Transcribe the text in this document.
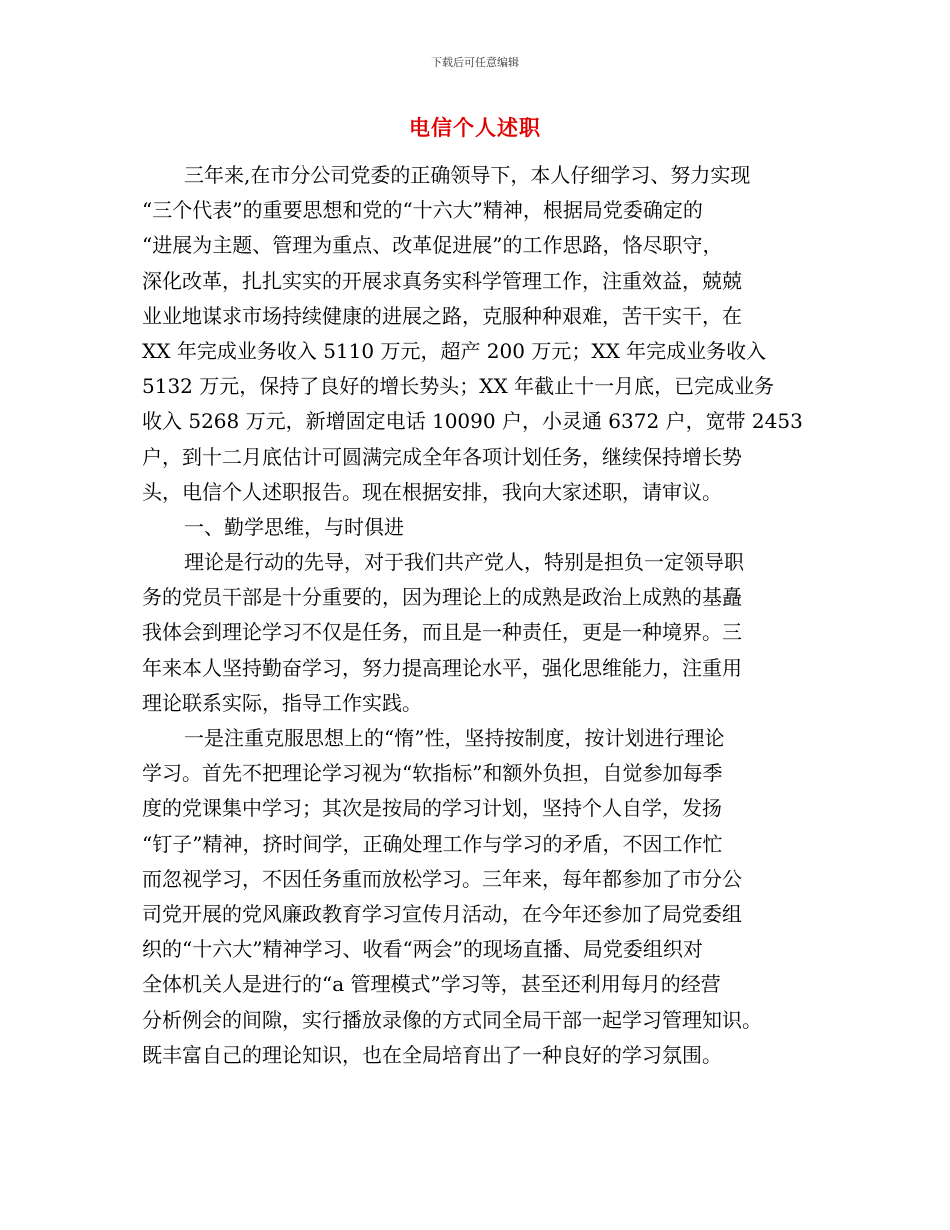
下载后可任意编辑
电信个人述职
三年来,在市分公司党委的正确领导下，本人仔细学习、努力实现
“三个代表”的重要思想和党的“十六大”精神，根据局党委确定的
“进展为主题、管理为重点、改革促进展”的工作思路，恪尽职守，
深化改革，扎扎实实的开展求真务实科学管理工作，注重效益，兢兢
业业地谋求市场持续健康的进展之路，克服种种艰难，苦干实干，在
XX 年完成业务收入 5110 万元，超产 200 万元；XX 年完成业务收入
5132 万元，保持了良好的增长势头；XX 年截止十一月底，已完成业务
收入 5268 万元，新增固定电话 10090 户，小灵通 6372 户，宽带 2453
户，到十二月底估计可圆满完成全年各项计划任务，继续保持增长势
头，电信个人述职报告。现在根据安排，我向大家述职，请审议。
一、勤学思维，与时俱进
理论是行动的先导，对于我们共产党人，特别是担负一定领导职
务的党员干部是十分重要的，因为理论上的成熟是政治上成熟的基矗
我体会到理论学习不仅是任务，而且是一种责任，更是一种境界。三
年来本人坚持勤奋学习，努力提高理论水平，强化思维能力，注重用
理论联系实际，指导工作实践。
一是注重克服思想上的“惰”性，坚持按制度，按计划进行理论
学习。首先不把理论学习视为“软指标”和额外负担，自觉参加每季
度的党课集中学习；其次是按局的学习计划，坚持个人自学，发扬
“钉子”精神，挤时间学，正确处理工作与学习的矛盾，不因工作忙
而忽视学习，不因任务重而放松学习。三年来，每年都参加了市分公
司党开展的党风廉政教育学习宣传月活动，在今年还参加了局党委组
织的“十六大”精神学习、收看“两会”的现场直播、局党委组织对
全体机关人是进行的“a 管理模式”学习等，甚至还利用每月的经营
分析例会的间隙，实行播放录像的方式同全局干部一起学习管理知识。
既丰富自己的理论知识，也在全局培育出了一种良好的学习氛围。
